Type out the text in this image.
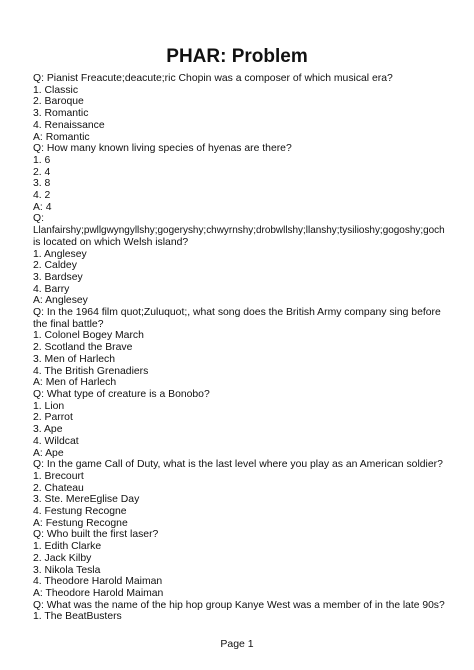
PHAR: Problem
Q: Pianist Freacute;deacute;ric Chopin was a composer of which musical era?
1. Classic
2. Baroque
3. Romantic
4. Renaissance
A: Romantic
Q: How many known living species of hyenas are there?
1. 6
2. 4
3. 8
4. 2
A: 4
Q:
Llanfairshy;pwllgwyngyllshy;gogeryshy;chwyrnshy;drobwllshy;llanshy;tysilioshy;gogoshy;goch
is located on which Welsh island?
1. Anglesey
2. Caldey
3. Bardsey
4. Barry
A: Anglesey
Q: In the 1964 film quot;Zuluquot;, what song does the British Army company sing before
the final battle?
1. Colonel Bogey March
2. Scotland the Brave
3. Men of Harlech
4. The British Grenadiers
A: Men of Harlech
Q: What type of creature is a Bonobo?
1. Lion
2. Parrot
3. Ape
4. Wildcat
A: Ape
Q: In the game Call of Duty, what is the last level where you play as an American soldier?
1. Brecourt
2. Chateau
3. Ste. MereEglise Day
4. Festung Recogne
A: Festung Recogne
Q: Who built the first laser?
1. Edith Clarke
2. Jack Kilby
3. Nikola Tesla
4. Theodore Harold Maiman
A: Theodore Harold Maiman
Q: What was the name of the hip hop group Kanye West was a member of in the late 90s?
1. The BeatBusters
Page 1
